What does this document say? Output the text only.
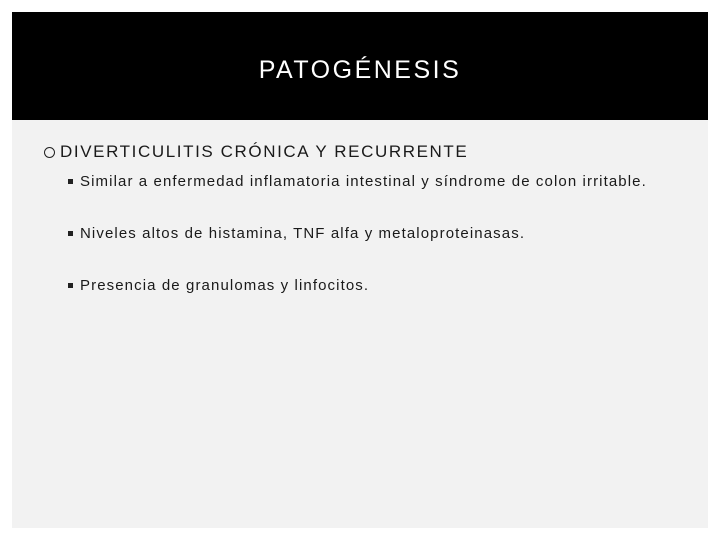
PATOGÉNESIS
DIVERTICULITIS CRÓNICA Y RECURRENTE
Similar a enfermedad inflamatoria intestinal y síndrome de colon irritable.
Niveles altos de histamina, TNF alfa y metaloproteinasas.
Presencia de granulomas y linfocitos.
